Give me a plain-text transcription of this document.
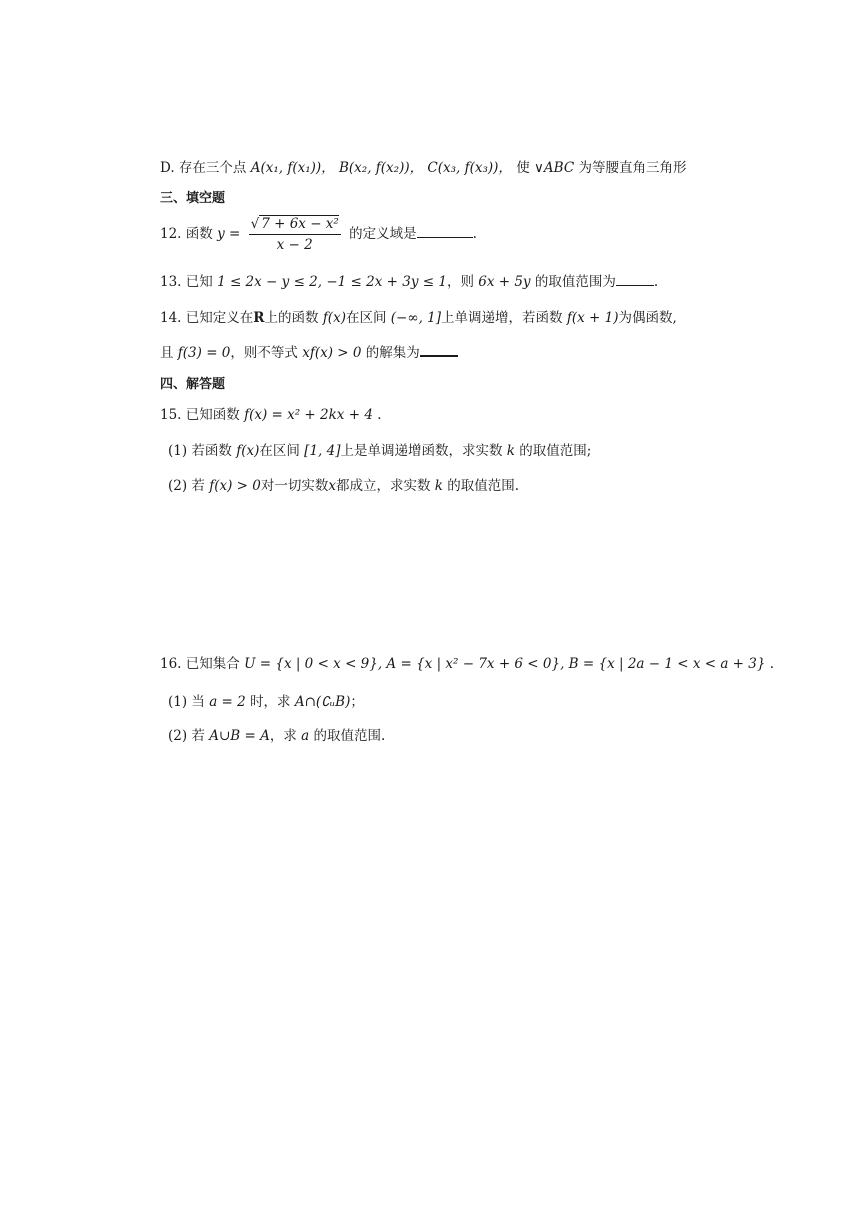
D. 存在三个点 A(x₁, f(x₁))， B(x₂, f(x₂))， C(x₃, f(x₃))， 使 ∨ABC 为等腰直角三角形
三、填空题
12. 函数 $y = \frac{\text{√ 7 + 6x − x²}}{x - 2}$ 的定义域是	.
13. 已知 1 ≤ 2x − y ≤ 2, −1 ≤ 2x + 3y ≤ 1，则 6x + 5y 的取值范围为	.
14. 已知定义在R上的函数 f(x)在区间 (−∞, 1]上单调递增，若函数 f(x + 1)为偶函数,
且 f(3) = 0，则不等式 xf(x) > 0 的解集为
四、解答题
15. 已知函数 f(x) = x² + 2kx + 4 .
(1) 若函数 f(x)在区间 [1, 4]上是单调递增函数，求实数 k 的取值范围;
(2) 若 f(x) > 0对一切实数x都成立，求实数 k 的取值范围.
16. 已知集合 U = {x | 0 < x < 9}, A = {x | x² − 7x + 6 < 0}, B = {x | 2a − 1 < x < a + 3} .
(1) 当 a = 2 时，求 A∩(∁ᵤB)；
(2) 若 A∪B = A，求 a 的取值范围.
